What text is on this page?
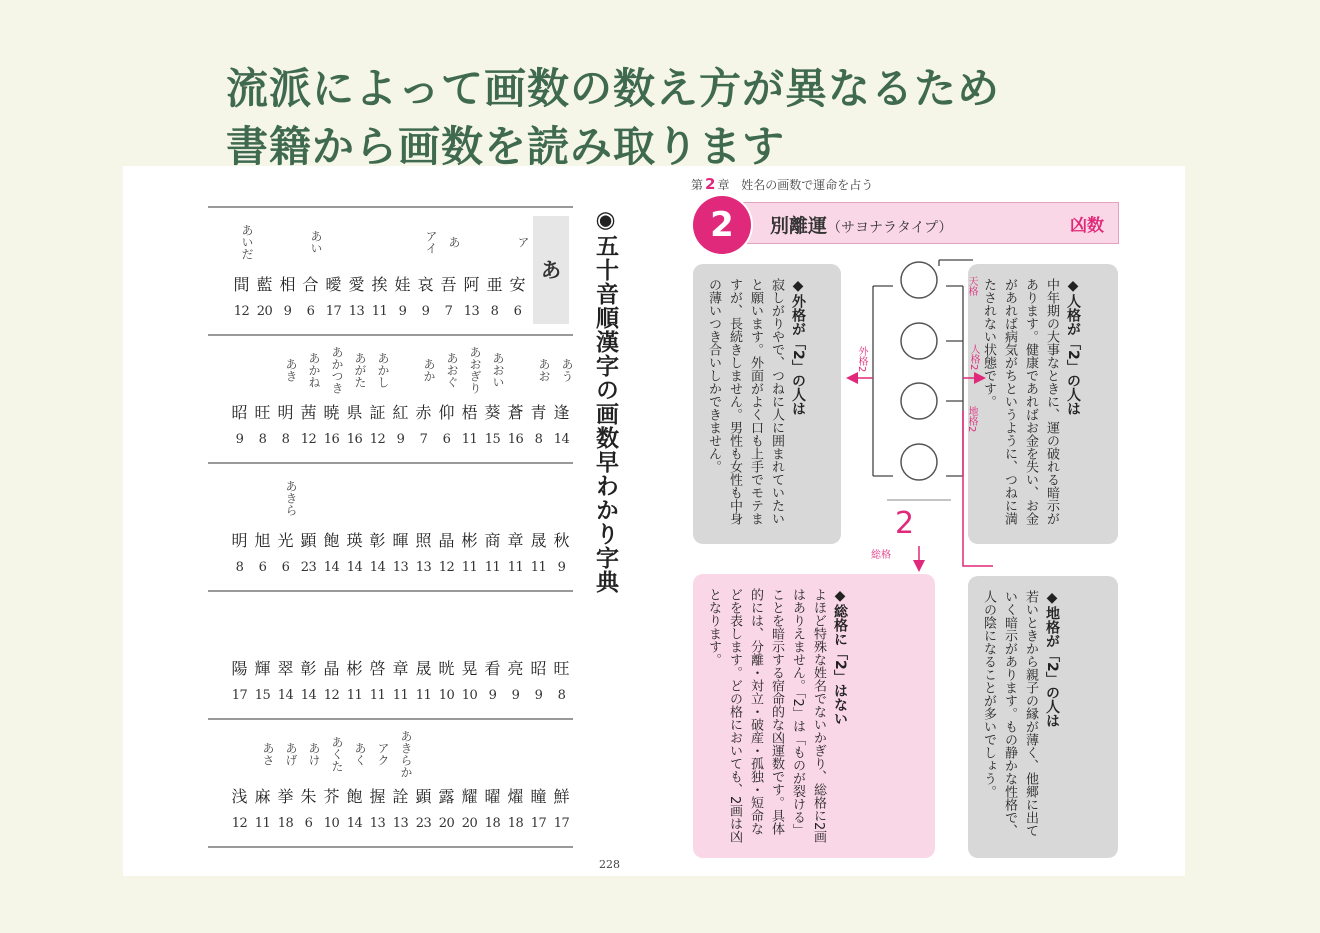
流派によって画数の数え方が異なるため
書籍から画数を読み取ります
あ
ア
安
6
亜
8
阿
13
あ
吾
7
アイ
哀
9
娃
9
挨
11
愛
13
曖
17
あい
合
6
相
9
藍
20
あいだ
間
12
あう
逢
14
あお
青
8
蒼
16
あおい
葵
15
あおぎり
梧
11
あおぐ
仰
6
あか
赤
7
紅
9
あかし
証
12
あがた
県
16
あかつき
暁
16
あかね
茜
12
あき
明
8
旺
8
昭
9
秋
9
晟
11
章
11
商
11
彬
11
晶
12
照
13
暉
13
彰
14
瑛
14
飽
14
顕
23
あきら
光
6
旭
6
明
8
旺
8
昭
9
亮
9
看
9
晃
10
晄
10
晟
11
章
11
啓
11
彬
11
晶
12
彰
14
翠
14
輝
15
陽
17
鮮
17
瞳
17
燿
18
曜
18
耀
20
露
20
顕
23
あきらか
詮
13
アク
握
13
あく
飽
14
あくた
芥
10
あけ
朱
6
あげ
挙
18
あさ
麻
11
浅
12
◉五十音順漢字の画数早わかり字典
228
第 2 章 姓名の画数で運命を占う
2	別離運（サヨナラタイプ）	凶数
◆人格が「2」の人は
中年期の大事なときに、運の破れる暗示があります。健康であればお金を失い、お金があれば病気がちというように、つねに満たされない状態です。
◆外格が「2」の人は
寂しがりやで、つねに人に囲まれていたいと願います。外面がよく口も上手でモテますが、長続きしません。男性も女性も中身の薄いつき合いしかできません。
◆地格が「2」の人は
若いときから親子の縁が薄く、他郷に出ていく暗示があります。もの静かな性格で、人の陰になることが多いでしょう。
◆総格に「2」はない
よほど特殊な姓名でないかぎり、総格に2画はありえません。「2」は「ものが裂ける」ことを暗示する宿命的な凶運数です。具体的には、分離・対立・破産・孤独・短命などを表します。どの格においても、2画は凶となります。
天格
人格2
地格2
外格2
2
総格
